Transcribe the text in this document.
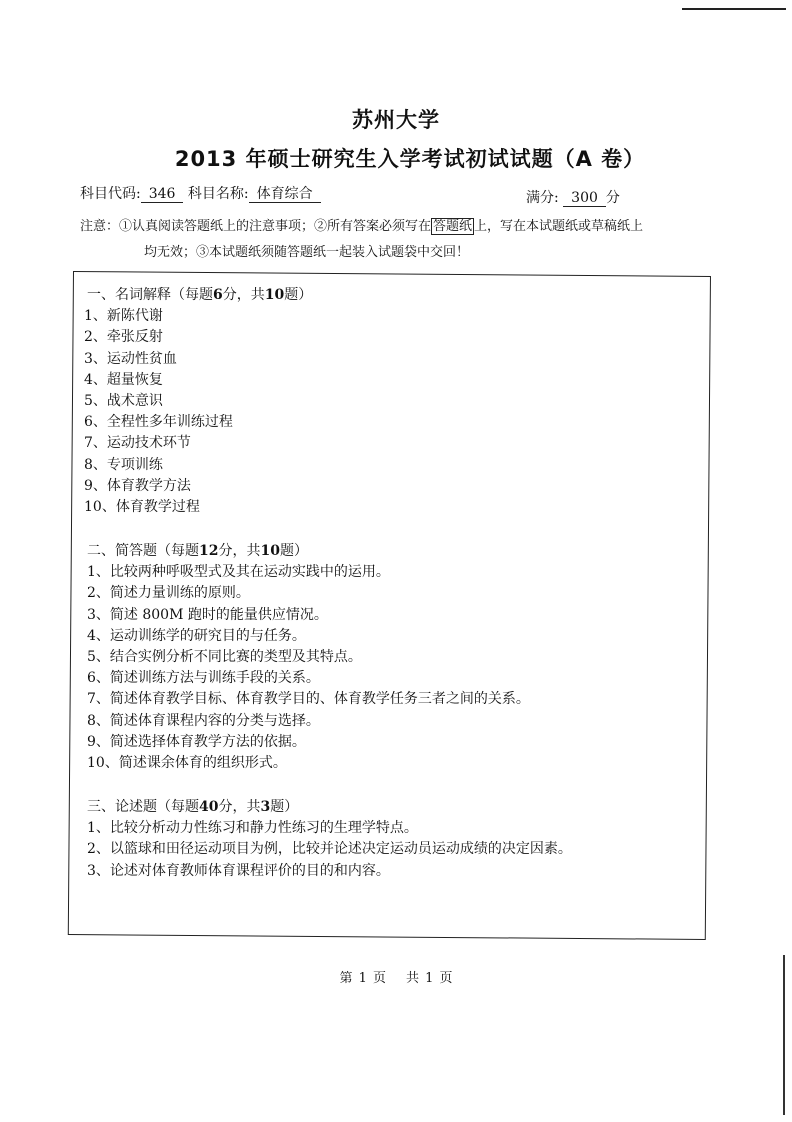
苏州大学
2013 年硕士研究生入学考试初试试题（A 卷）
科目代码: 346 科目名称: 体育综合	满分: 300 分
注意：①认真阅读答题纸上的注意事项；②所有答案必须写在 答题纸 上，写在本试题纸或草稿纸上
均无效；③本试题纸须随答题纸一起装入试题袋中交回！
一、名词解释（每题6分，共10题）
1、新陈代谢
2、牵张反射
3、运动性贫血
4、超量恢复
5、战术意识
6、全程性多年训练过程
7、运动技术环节
8、专项训练
9、体育教学方法
10、体育教学过程
二、简答题（每题12分，共10题）
1、比较两种呼吸型式及其在运动实践中的运用。
2、简述力量训练的原则。
3、简述 800M 跑时的能量供应情况。
4、运动训练学的研究目的与任务。
5、结合实例分析不同比赛的类型及其特点。
6、简述训练方法与训练手段的关系。
7、简述体育教学目标、体育教学目的、体育教学任务三者之间的关系。
8、简述体育课程内容的分类与选择。
9、简述选择体育教学方法的依据。
10、简述课余体育的组织形式。
三、论述题（每题40分，共3题）
1、比较分析动力性练习和静力性练习的生理学特点。
2、以篮球和田径运动项目为例，比较并论述决定运动员运动成绩的决定因素。
3、论述对体育教师体育课程评价的目的和内容。
第 1 页 共 1 页
